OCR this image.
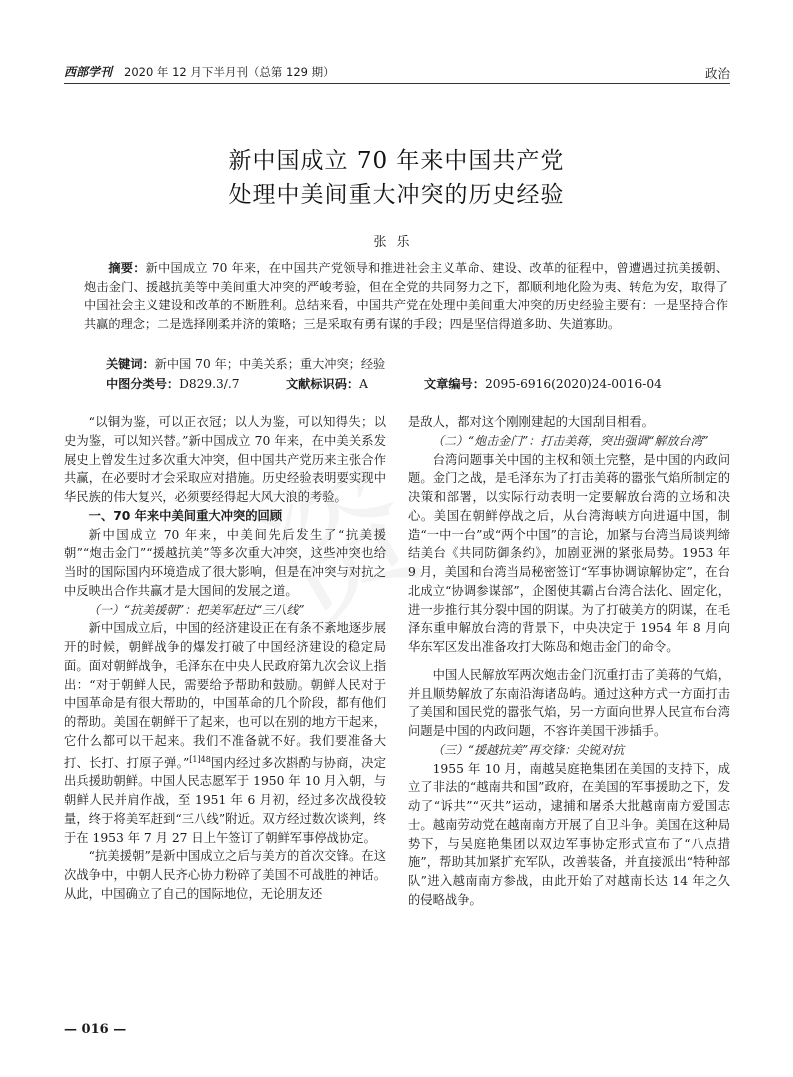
西部学刊 2020 年 12 月下半月刊（总第 129 期）	政治
新中国成立 70 年来中国共产党
处理中美间重大冲突的历史经验
张乐
摘要：新中国成立 70 年来，在中国共产党领导和推进社会主义革命、建设、改革的征程中，曾遭遇过抗美援朝、炮击金门、援越抗美等中美间重大冲突的严峻考验，但在全党的共同努力之下，都顺利地化险为夷、转危为安，取得了中国社会主义建设和改革的不断胜利。总结来看，中国共产党在处理中美间重大冲突的历史经验主要有：一是坚持合作共赢的理念；二是选择刚柔并济的策略；三是采取有勇有谋的手段；四是坚信得道多助、失道寡助。
关键词：新中国 70 年；中美关系；重大冲突；经验
中图分类号：D829.3/.7	文献标识码：A	文章编号：2095-6916(2020)24-0016-04

“以铜为鉴，可以正衣冠；以人为鉴，可以知得失；以史为鉴，可以知兴替。”新中国成立 70 年来，在中美关系发展史上曾发生过多次重大冲突，但中国共产党历来主张合作共赢，在必要时才会采取应对措施。历史经验表明要实现中华民族的伟大复兴，必须要经得起大风大浪的考验。

一、70 年来中美间重大冲突的回顾

新中国成立 70 年来，中美间先后发生了“抗美援朝”“炮击金门”“援越抗美”等多次重大冲突，这些冲突也给当时的国际国内环境造成了很大影响，但是在冲突与对抗之中反映出合作共赢才是大国间的发展之道。

（一）“抗美援朝”：把美军赶过“三八线”

新中国成立后，中国的经济建设正在有条不紊地逐步展开的时候，朝鲜战争的爆发打破了中国经济建设的稳定局面。面对朝鲜战争，毛泽东在中央人民政府第九次会议上指出：“对于朝鲜人民，需要给予帮助和鼓励。朝鲜人民对于中国革命是有很大帮助的，中国革命的几个阶段，都有他们的帮助。美国在朝鲜干了起来，也可以在别的地方干起来，它什么都可以干起来。我们不准备就不好。我们要准备大打、长打、打原子弹。”$^{[1]48}$国内经过多次斟酌与协商，决定出兵援助朝鲜。中国人民志愿军于 1950 年 10 月入朝，与朝鲜人民并肩作战，至 1951 年 6 月初，经过多次战役较量，终于将美军赶到“三八线”附近。双方经过数次谈判，终于在 1953 年 7 月 27 日上午签订了朝鲜军事停战协定。

“抗美援朝”是新中国成立之后与美方的首次交锋。在这次战争中，中朝人民齐心协力粉碎了美国不可战胜的神话。从此，中国确立了自己的国际地位，无论朋友还

是敌人，都对这个刚刚建起的大国刮目相看。

（二）“炮击金门”：打击美蒋，突出强调“解放台湾”

台湾问题事关中国的主权和领土完整，是中国的内政问题。金门之战，是毛泽东为了打击美蒋的嚣张气焰所制定的决策和部署，以实际行动表明一定要解放台湾的立场和决心。美国在朝鲜停战之后，从台湾海峡方向进逼中国，制造“一中一台”或“两个中国”的言论，加紧与台湾当局谈判缔结美台《共同防御条约》，加剧亚洲的紧张局势。1953 年 9 月，美国和台湾当局秘密签订“军事协调谅解协定”，在台北成立“协调参谋部”，企图使其霸占台湾合法化、固定化，进一步推行其分裂中国的阴谋。为了打破美方的阴谋，在毛泽东重申解放台湾的背景下，中央决定于 1954 年 8 月向华东军区发出准备攻打大陈岛和炮击金门的命令。

中国人民解放军两次炮击金门沉重打击了美蒋的气焰，并且顺势解放了东南沿海诸岛屿。通过这种方式一方面打击了美国和国民党的嚣张气焰，另一方面向世界人民宣布台湾问题是中国的内政问题，不容许美国干涉插手。

（三）“援越抗美”再交锋：尖锐对抗

1955 年 10 月，南越吴庭艳集团在美国的支持下，成立了非法的“越南共和国”政府，在美国的军事援助之下，发动了“诉共”“灭共”运动，逮捕和屠杀大批越南南方爱国志士。越南劳动党在越南南方开展了自卫斗争。美国在这种局势下，与吴庭艳集团以双边军事协定形式宣布了“八点措施”，帮助其加紧扩充军队，改善装备，并直接派出“特种部队”进入越南南方参战，由此开始了对越南长达 14 年之久的侵略战争。

— 016 —
